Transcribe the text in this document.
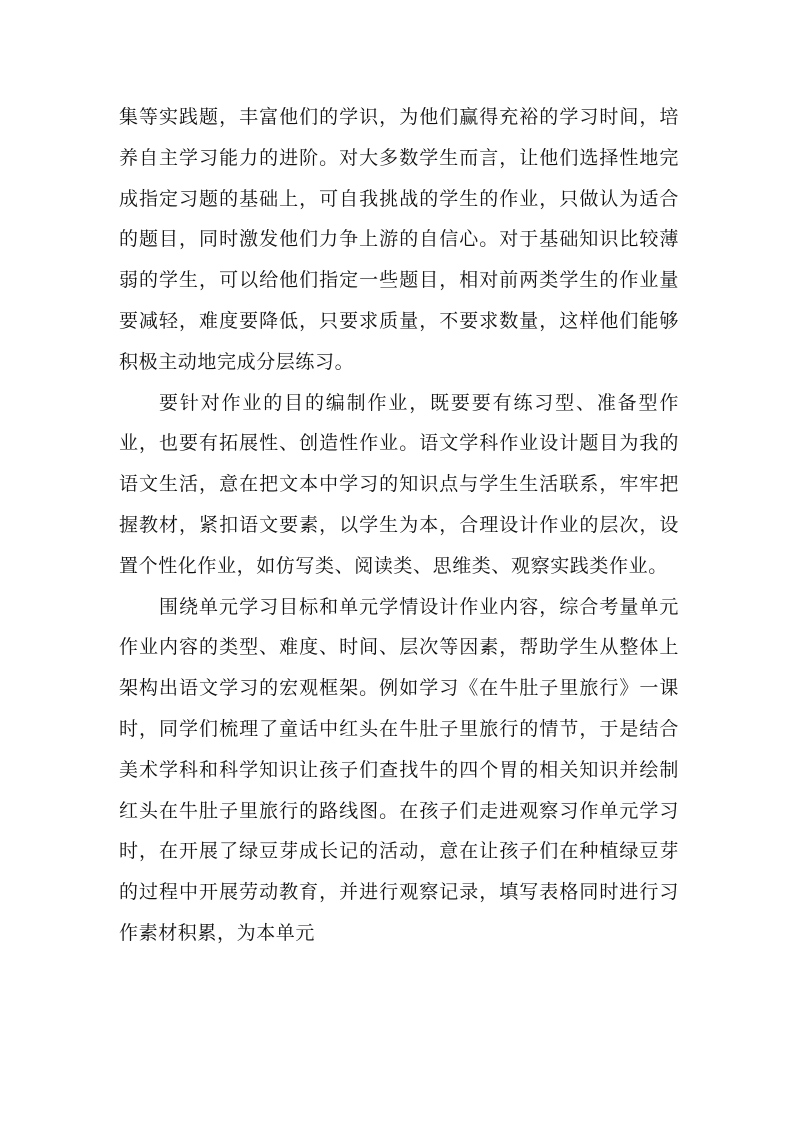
集等实践题，丰富他们的学识，为他们赢得充裕的学习时间，培养自主学习能力的进阶。对大多数学生而言，让他们选择性地完成指定习题的基础上，可自我挑战的学生的作业，只做认为适合的题目，同时激发他们力争上游的自信心。对于基础知识比较薄弱的学生，可以给他们指定一些题目，相对前两类学生的作业量要减轻，难度要降低，只要求质量，不要求数量，这样他们能够积极主动地完成分层练习。

要针对作业的目的编制作业，既要要有练习型、准备型作业，也要有拓展性、创造性作业。语文学科作业设计题目为我的语文生活，意在把文本中学习的知识点与学生生活联系，牢牢把握教材，紧扣语文要素，以学生为本，合理设计作业的层次，设置个性化作业，如仿写类、阅读类、思维类、观察实践类作业。

围绕单元学习目标和单元学情设计作业内容，综合考量单元作业内容的类型、难度、时间、层次等因素，帮助学生从整体上架构出语文学习的宏观框架。例如学习《在牛肚子里旅行》一课时，同学们梳理了童话中红头在牛肚子里旅行的情节，于是结合美术学科和科学知识让孩子们查找牛的四个胃的相关知识并绘制红头在牛肚子里旅行的路线图。在孩子们走进观察习作单元学习时，在开展了绿豆芽成长记的活动，意在让孩子们在种植绿豆芽的过程中开展劳动教育，并进行观察记录，填写表格同时进行习作素材积累，为本单元
